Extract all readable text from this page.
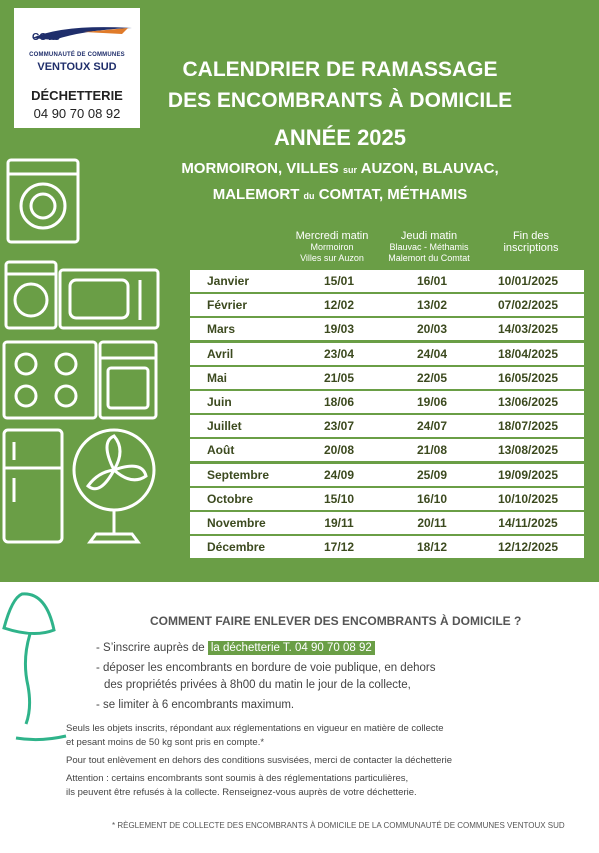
CCVS
COMMUNAUTÉ DE COMMUNES
VENTOUX SUD
DÉCHETTERIE
04 90 70 08 92
CALENDRIER DE RAMASSAGE
DES ENCOMBRANTS À DOMICILE
ANNÉE 2025
MORMOIRON, VILLES sur AUZON, BLAUVAC,
MALEMORT du COMTAT, MÉTHAMIS
Mercredi matin
Mormoiron
Villes sur Auzon
Jeudi matin
Blauvac - Méthamis
Malemort du Comtat
Fin des
inscriptions
Janvier	15/01	16/01	10/01/2025
Février	12/02	13/02	07/02/2025
Mars	19/03	20/03	14/03/2025
Avril	23/04	24/04	18/04/2025
Mai	21/05	22/05	16/05/2025
Juin	18/06	19/06	13/06/2025
Juillet	23/07	24/07	18/07/2025
Août	20/08	21/08	13/08/2025
Septembre	24/09	25/09	19/09/2025
Octobre	15/10	16/10	10/10/2025
Novembre	19/11	20/11	14/11/2025
Décembre	17/12	18/12	12/12/2025
COMMENT FAIRE ENLEVER DES ENCOMBRANTS À DOMICILE ?
- S’inscrire auprès de la déchetterie T. 04 90 70 08 92
- déposer les encombrants en bordure de voie publique, en dehors
des propriétés privées à 8h00 du matin le jour de la collecte,
- se limiter à 6 encombrants maximum.
Seuls les objets inscrits, répondant aux réglementations en vigueur en matière de collecte
et pesant moins de 50 kg sont pris en compte.*
Pour tout enlèvement en dehors des conditions susvisées, merci de contacter la déchetterie
Attention : certains encombrants sont soumis à des réglementations particulières,
ils peuvent être refusés à la collecte. Renseignez-vous auprès de votre déchetterie.
* RÈGLEMENT DE COLLECTE DES ENCOMBRANTS À DOMICILE DE LA COMMUNAUTÉ DE COMMUNES VENTOUX SUD
